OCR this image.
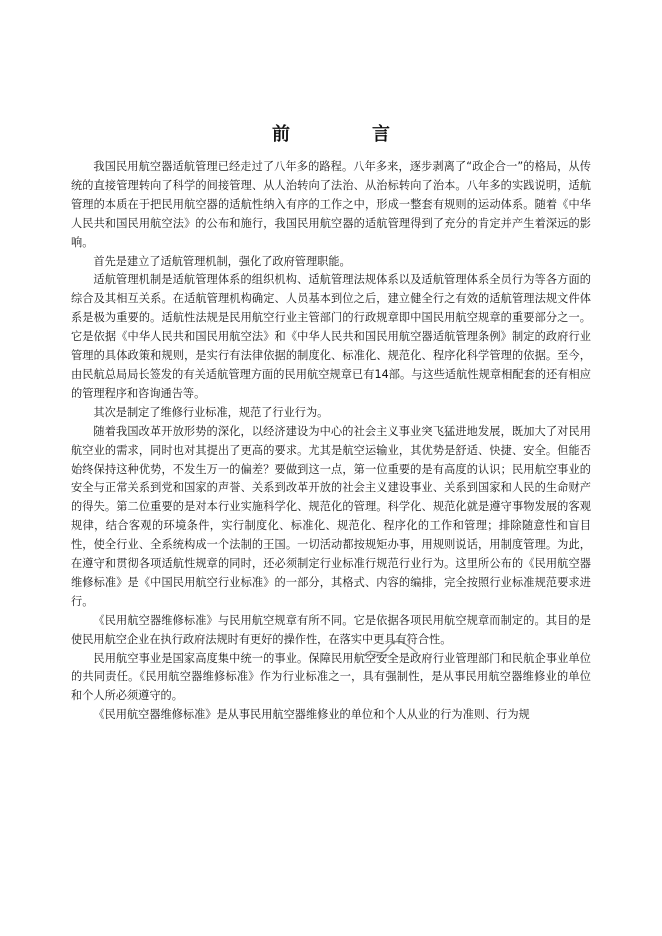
前	言

我国民用航空器适航管理已经走过了八年多的路程。八年多来，逐步剥离了“政企合一”的格局，从传统的直接管理转向了科学的间接管理、从人治转向了法治、从治标转向了治本。八年多的实践说明，适航管理的本质在于把民用航空器的适航性纳入有序的工作之中，形成一整套有规则的运动体系。随着《中华人民共和国民用航空法》的公布和施行，我国民用航空器的适航管理得到了充分的肯定并产生着深远的影响。

首先是建立了适航管理机制，强化了政府管理职能。

适航管理机制是适航管理体系的组织机构、适航管理法规体系以及适航管理体系全员行为等各方面的综合及其相互关系。在适航管理机构确定、人员基本到位之后，建立健全行之有效的适航管理法规文件体系是极为重要的。适航性法规是民用航空行业主管部门的行政规章即中国民用航空规章的重要部分之一。它是依据《中华人民共和国民用航空法》和《中华人民共和国民用航空器适航管理条例》制定的政府行业管理的具体政策和规则，是实行有法律依据的制度化、标准化、规范化、程序化科学管理的依据。至今，由民航总局局长签发的有关适航管理方面的民用航空规章已有14部。与这些适航性规章相配套的还有相应的管理程序和咨询通告等。

其次是制定了维修行业标准，规范了行业行为。

随着我国改革开放形势的深化，以经济建设为中心的社会主义事业突飞猛进地发展，既加大了对民用航空业的需求，同时也对其提出了更高的要求。尤其是航空运输业，其优势是舒适、快捷、安全。但能否始终保持这种优势，不发生万一的偏差？要做到这一点，第一位重要的是有高度的认识；民用航空事业的安全与正常关系到党和国家的声誉、关系到改革开放的社会主义建设事业、关系到国家和人民的生命财产的得失。第二位重要的是对本行业实施科学化、规范化的管理。科学化、规范化就是遵守事物发展的客观规律，结合客观的环境条件，实行制度化、标准化、规范化、程序化的工作和管理；排除随意性和盲目性，使全行业、全系统构成一个法制的王国。一切活动都按规矩办事，用规则说话，用制度管理。为此，在遵守和贯彻各项适航性规章的同时，还必须制定行业标准行规范行业行为。这里所公布的《民用航空器维修标准》是《中国民用航空行业标准》的一部分，其格式、内容的编排，完全按照行业标准规范要求进行。

《民用航空器维修标准》与民用航空规章有所不同。它是依据各项民用航空规章而制定的。其目的是使民用航空企业在执行政府法规时有更好的操作性，在落实中更具有符合性。

民用航空事业是国家高度集中统一的事业。保障民用航空安全是政府行业管理部门和民航企事业单位的共同责任。《民用航空器维修标准》作为行业标准之一，具有强制性，是从事民用航空器维修业的单位和个人所必须遵守的。

《民用航空器维修标准》是从事民用航空器维修业的单位和个人从业的行为准则、行为规
